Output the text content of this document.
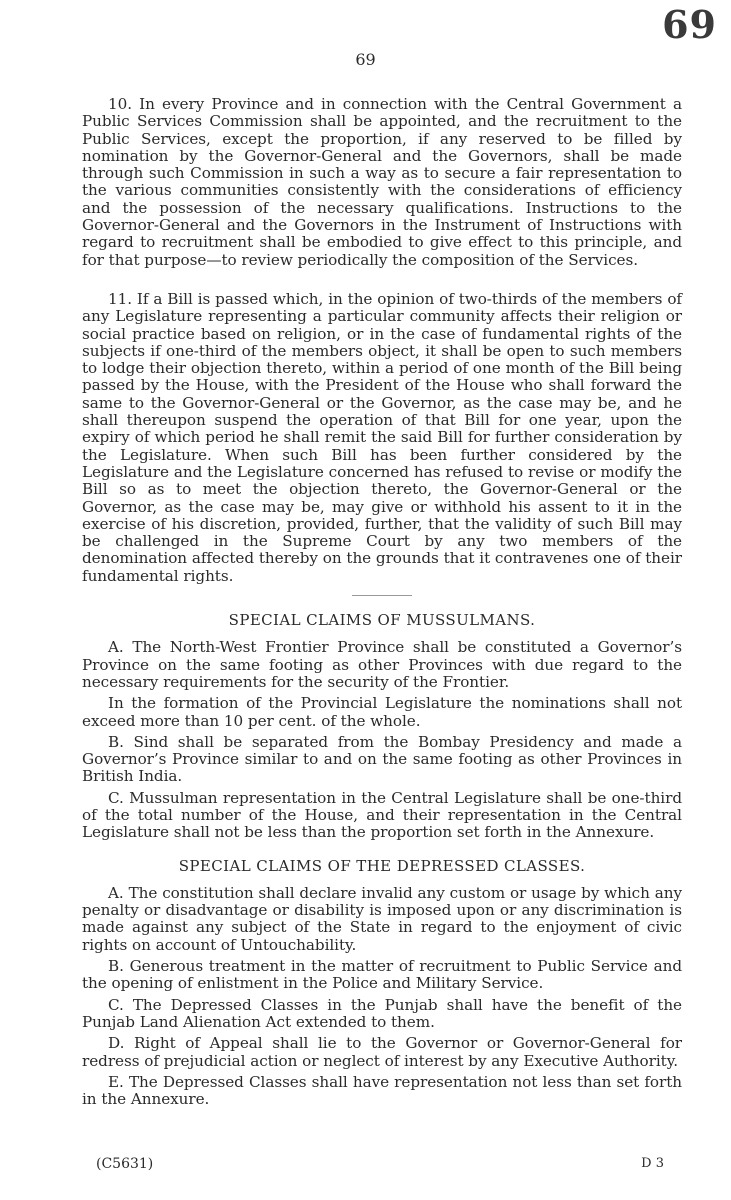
69
69

10. In every Province and in connection with the Central Government a Public Services Commission shall be appointed, and the recruitment to the Public Services, except the proportion, if any reserved to be filled by nomination by the Governor-General and the Governors, shall be made through such Commission in such a way as to secure a fair representation to the various communities consistently with the considerations of efficiency and the possession of the necessary qualifications. Instructions to the Governor-General and the Governors in the Instrument of Instructions with regard to recruitment shall be embodied to give effect to this principle, and for that purpose—to review periodically the composition of the Services.

11. If a Bill is passed which, in the opinion of two-thirds of the members of any Legislature representing a particular community affects their religion or social practice based on religion, or in the case of fundamental rights of the subjects if one-third of the members object, it shall be open to such members to lodge their objection thereto, within a period of one month of the Bill being passed by the House, with the President of the House who shall forward the same to the Governor-General or the Governor, as the case may be, and he shall thereupon suspend the operation of that Bill for one year, upon the expiry of which period he shall remit the said Bill for further consideration by the Legislature. When such Bill has been further considered by the Legislature and the Legislature concerned has refused to revise or modify the Bill so as to meet the objection thereto, the Governor-General or the Governor, as the case may be, may give or withhold his assent to it in the exercise of his discretion, provided, further, that the validity of such Bill may be challenged in the Supreme Court by any two members of the denomination affected thereby on the grounds that it contravenes one of their fundamental rights.

SPECIAL CLAIMS OF MUSSULMANS.

A. The North-West Frontier Province shall be constituted a Governor’s Province on the same footing as other Provinces with due regard to the necessary requirements for the security of the Frontier.

In the formation of the Provincial Legislature the nominations shall not exceed more than 10 per cent. of the whole.

B. Sind shall be separated from the Bombay Presidency and made a Governor’s Province similar to and on the same footing as other Provinces in British India.

C. Mussulman representation in the Central Legislature shall be one-third of the total number of the House, and their representation in the Central Legislature shall not be less than the proportion set forth in the Annexure.

SPECIAL CLAIMS OF THE DEPRESSED CLASSES.

A. The constitution shall declare invalid any custom or usage by which any penalty or disadvantage or disability is imposed upon or any discrimination is made against any subject of the State in regard to the enjoyment of civic rights on account of Untouchability.

B. Generous treatment in the matter of recruitment to Public Service and the opening of enlistment in the Police and Military Service.

C. The Depressed Classes in the Punjab shall have the benefit of the Punjab Land Alienation Act extended to them.

D. Right of Appeal shall lie to the Governor or Governor-General for redress of prejudicial action or neglect of interest by any Executive Authority.

E. The Depressed Classes shall have representation not less than set forth in the Annexure.

(C5631)	D 3
